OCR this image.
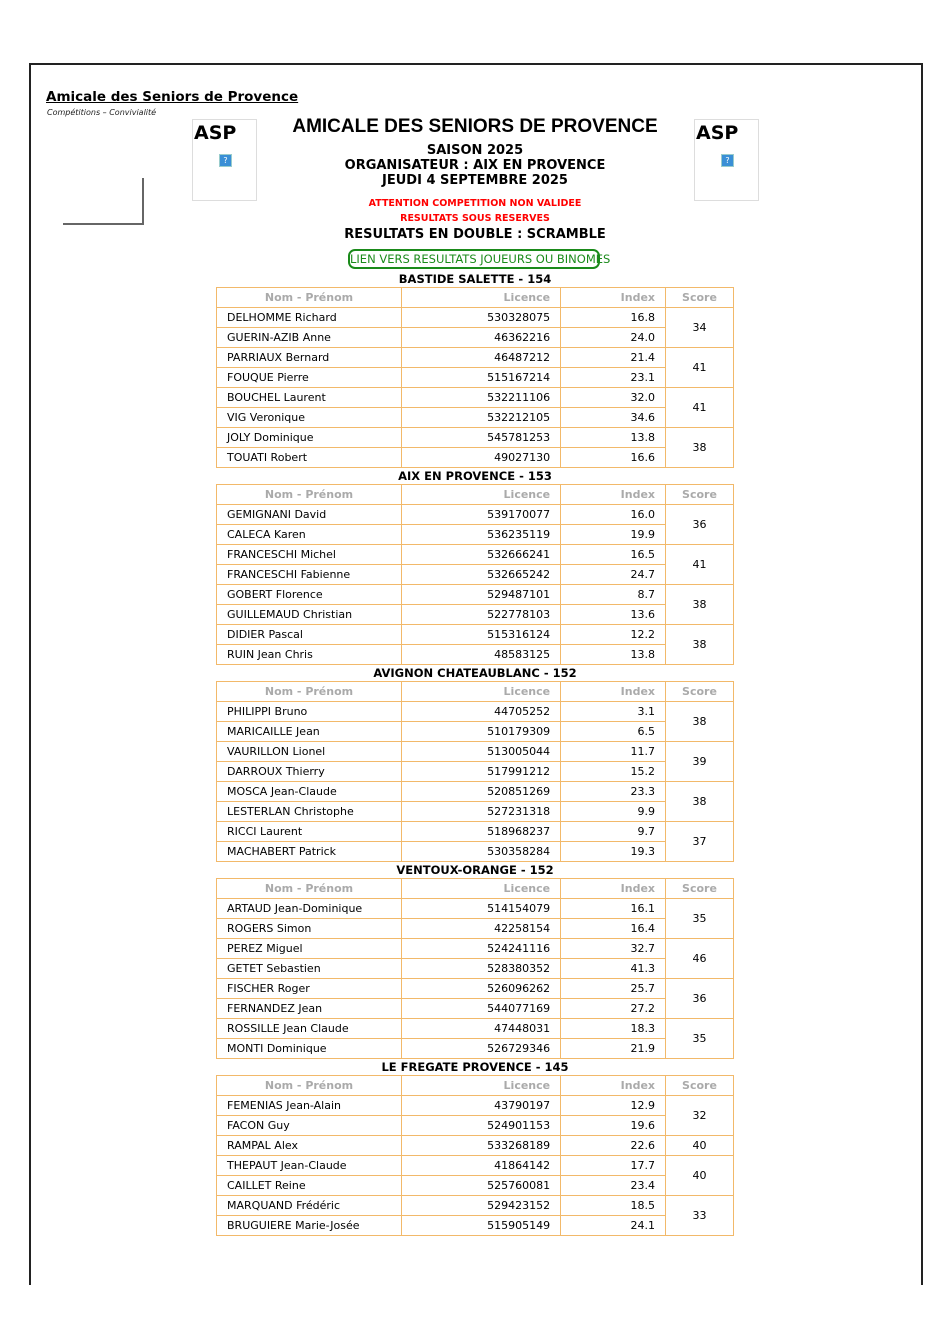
Amicale des Seniors de Provence
Compétitions – Convivialité
ASP
?
ASP
?
AMICALE DES SENIORS DE PROVENCE
SAISON 2025
ORGANISATEUR : AIX EN PROVENCE
JEUDI 4 SEPTEMBRE 2025
ATTENTION COMPETITION NON VALIDEE
RESULTATS SOUS RESERVES
RESULTATS EN DOUBLE : SCRAMBLE
LIEN VERS RESULTATS JOUEURS OU BINOMES
BASTIDE SALETTE - 154
Nom - Prénom	Licence	Index	Score
DELHOMME Richard	530328075	16.8	34
GUERIN-AZIB Anne	46362216	24.0	
PARRIAUX Bernard	46487212	21.4	41
FOUQUE Pierre	515167214	23.1	
BOUCHEL Laurent	532211106	32.0	41
VIG Veronique	532212105	34.6	
JOLY Dominique	545781253	13.8	38
TOUATI Robert	49027130	16.6	
AIX EN PROVENCE - 153
Nom - Prénom	Licence	Index	Score
GEMIGNANI David	539170077	16.0	36
CALECA Karen	536235119	19.9	
FRANCESCHI Michel	532666241	16.5	41
FRANCESCHI Fabienne	532665242	24.7	
GOBERT Florence	529487101	8.7	38
GUILLEMAUD Christian	522778103	13.6	
DIDIER Pascal	515316124	12.2	38
RUIN Jean Chris	48583125	13.8	
AVIGNON CHATEAUBLANC - 152
Nom - Prénom	Licence	Index	Score
PHILIPPI Bruno	44705252	3.1	38
MARICAILLE Jean	510179309	6.5	
VAURILLON Lionel	513005044	11.7	39
DARROUX Thierry	517991212	15.2	
MOSCA Jean-Claude	520851269	23.3	38
LESTERLAN Christophe	527231318	9.9	
RICCI Laurent	518968237	9.7	37
MACHABERT Patrick	530358284	19.3	
VENTOUX-ORANGE - 152
Nom - Prénom	Licence	Index	Score
ARTAUD Jean-Dominique	514154079	16.1	35
ROGERS Simon	42258154	16.4	
PEREZ Miguel	524241116	32.7	46
GETET Sebastien	528380352	41.3	
FISCHER Roger	526096262	25.7	36
FERNANDEZ Jean	544077169	27.2	
ROSSILLE Jean Claude	47448031	18.3	35
MONTI Dominique	526729346	21.9	
LE FREGATE PROVENCE - 145
Nom - Prénom	Licence	Index	Score
FEMENIAS Jean-Alain	43790197	12.9	32
FACON Guy	524901153	19.6	
RAMPAL Alex	533268189	22.6	40
THEPAUT Jean-Claude	41864142	17.7	40
CAILLET Reine	525760081	23.4	
MARQUAND Frédéric	529423152	18.5	33
BRUGUIERE Marie-Josée	515905149	24.1	
